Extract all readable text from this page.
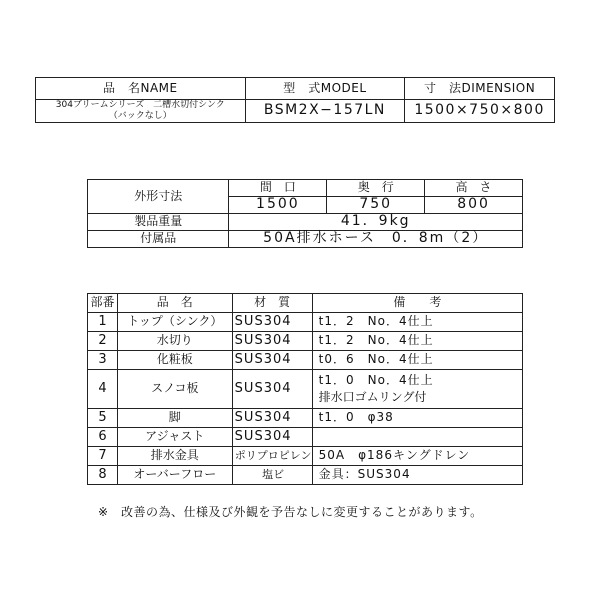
品　名NAME	型　式MODEL	寸　法DIMENSION

304ブリームシリーズ　二槽水切付シンク
（バックなし）	BSM2X−157LN	1500×750×800
外形寸法	間　口	奥　行	高　さ
	1500	750	800
製品重量	41．9kg		
付属品	50A排水ホース　0．8m（2）		
部番	品　名	材　質	備　　考
1	トップ（シンク）	SUS304	t1．2　No．4仕上
2	水切り	SUS304	t1．2　No．4仕上
3	化粧板	SUS304	t0．6　No．4仕上
4	スノコ板	SUS304	t1．0　No．4仕上
排水口ゴムリング付

5	脚	SUS304	t1．0　φ38
6	アジャスト	SUS304	
7	排水金具	ポリプロピレン	50A　φ186キングドレン
8	オーバーフロー	塩ビ	金具：SUS304
※　改善の為、仕様及び外観を予告なしに変更することがあります。
